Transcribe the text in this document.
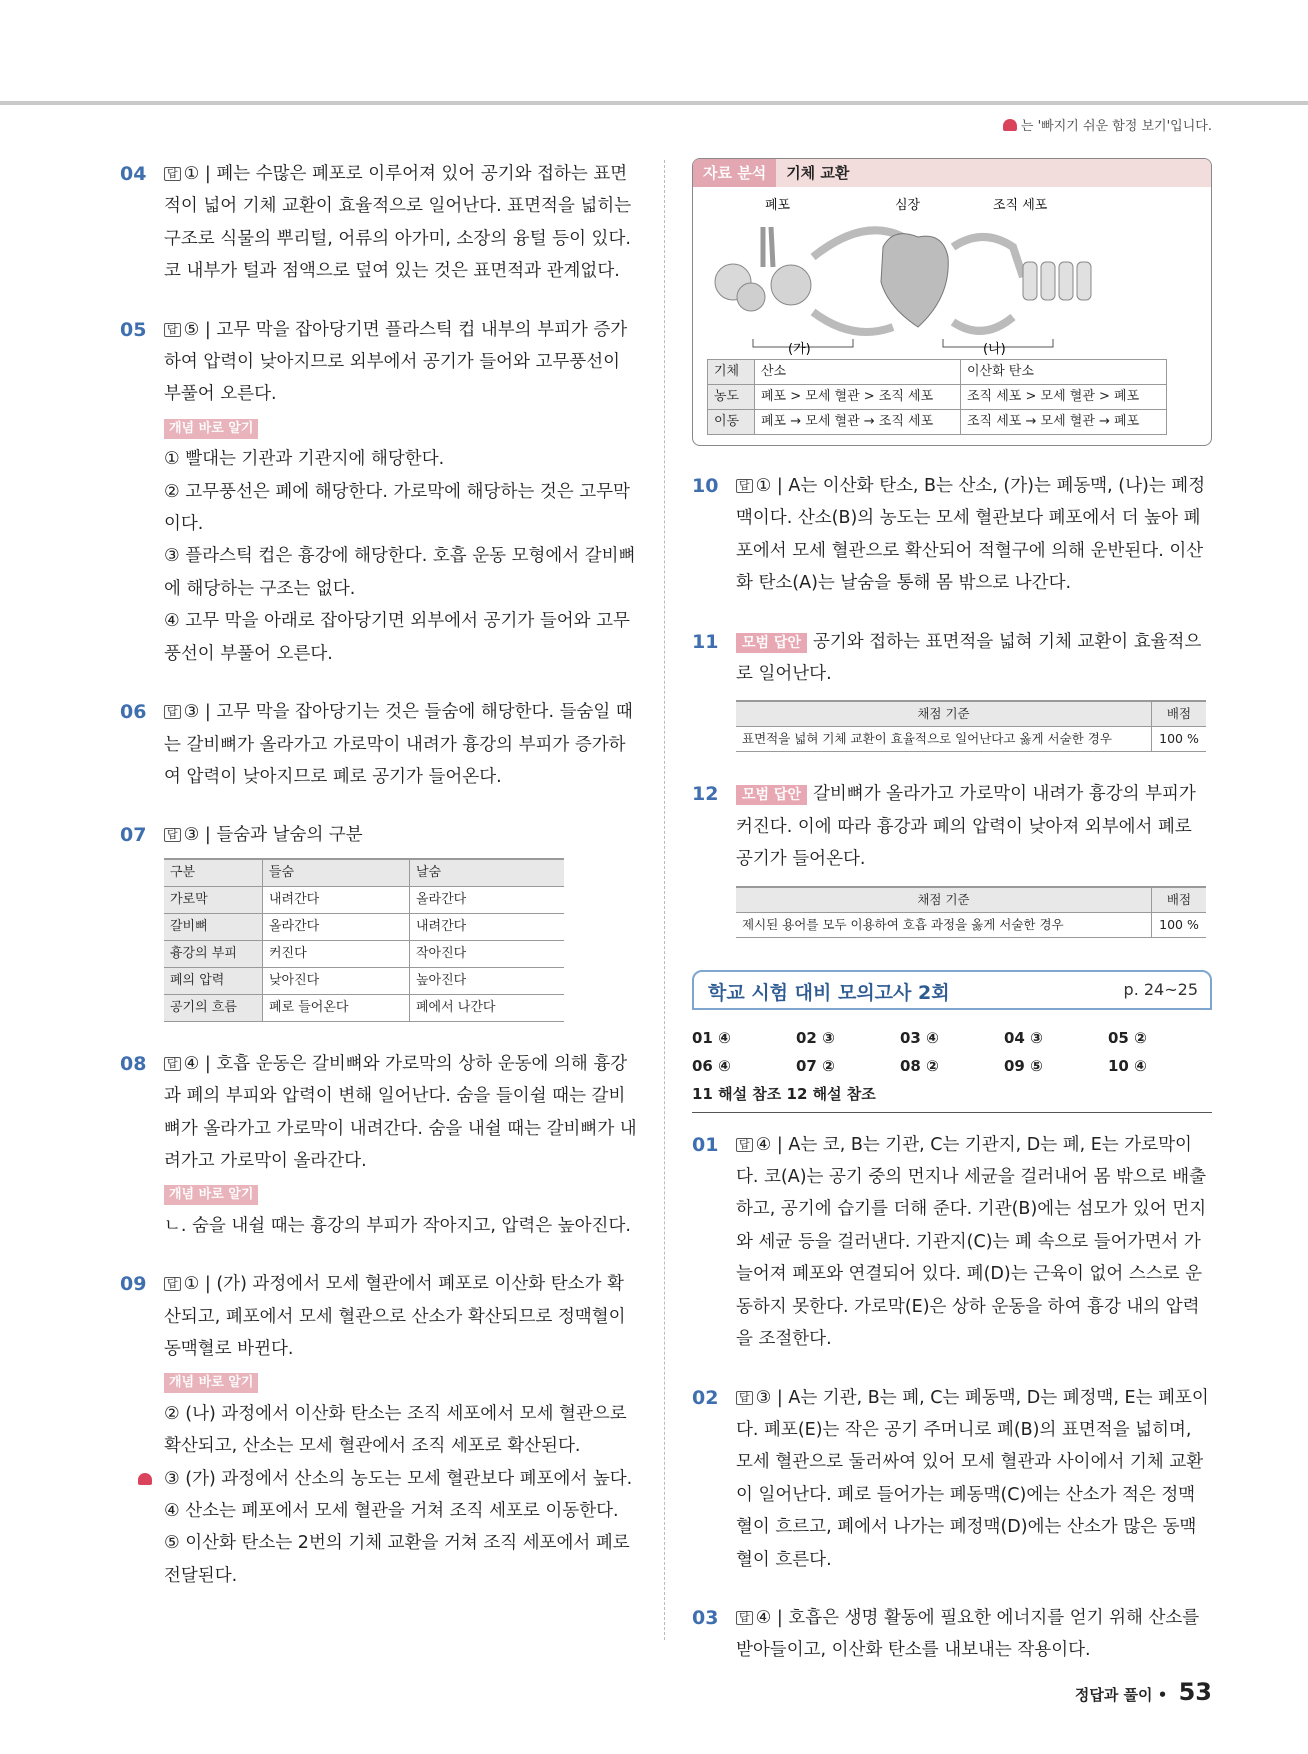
는 '빠지기 쉬운 함정 보기'입니다.
04 답 ① | 폐는 수많은 폐포로 이루어져 있어 공기와 접하는 표면적이 넓어 기체 교환이 효율적으로 일어난다. 표면적을 넓히는 구조로 식물의 뿌리털, 어류의 아가미, 소장의 융털 등이 있다. 코 내부가 털과 점액으로 덮여 있는 것은 표면적과 관계없다.
05 답 ⑤ | 고무 막을 잡아당기면 플라스틱 컵 내부의 부피가 증가하여 압력이 낮아지므로 외부에서 공기가 들어와 고무풍선이 부풀어 오른다.
개념 바로 알기

① 빨대는 기관과 기관지에 해당한다.
② 고무풍선은 폐에 해당한다. 가로막에 해당하는 것은 고무막이다.
③ 플라스틱 컵은 흉강에 해당한다. 호흡 운동 모형에서 갈비뼈에 해당하는 구조는 없다.
④ 고무 막을 아래로 잡아당기면 외부에서 공기가 들어와 고무풍선이 부풀어 오른다.
06 답 ③ | 고무 막을 잡아당기는 것은 들숨에 해당한다. 들숨일 때는 갈비뼈가 올라가고 가로막이 내려가 흉강의 부피가 증가하여 압력이 낮아지므로 폐로 공기가 들어온다.
07 답 ③ | 들숨과 날숨의 구분
구분	들숨	날숨
가로막	내려간다	올라간다
갈비뼈	올라간다	내려간다
흉강의 부피	커진다	작아진다
폐의 압력	낮아진다	높아진다
공기의 흐름	폐로 들어온다	폐에서 나간다
08 답 ④ | 호흡 운동은 갈비뼈와 가로막의 상하 운동에 의해 흉강과 폐의 부피와 압력이 변해 일어난다. 숨을 들이쉴 때는 갈비뼈가 올라가고 가로막이 내려간다. 숨을 내쉴 때는 갈비뼈가 내려가고 가로막이 올라간다.
개념 바로 알기

ㄴ. 숨을 내쉴 때는 흉강의 부피가 작아지고, 압력은 높아진다.
09 답 ① | (가) 과정에서 모세 혈관에서 폐포로 이산화 탄소가 확산되고, 폐포에서 모세 혈관으로 산소가 확산되므로 정맥혈이 동맥혈로 바뀐다.
개념 바로 알기

② (나) 과정에서 이산화 탄소는 조직 세포에서 모세 혈관으로 확산되고, 산소는 모세 혈관에서 조직 세포로 확산된다.
③ (가) 과정에서 산소의 농도는 모세 혈관보다 폐포에서 높다.
④ 산소는 폐포에서 모세 혈관을 거쳐 조직 세포로 이동한다.
⑤ 이산화 탄소는 2번의 기체 교환을 거쳐 조직 세포에서 폐로 전달된다.
자료 분석 기체 교환
폐포	심장	조직 세포
(가)	(나)
기체	산소	이산화 탄소
농도	폐포 > 모세 혈관 > 조직 세포	조직 세포 > 모세 혈관 > 폐포
이동	폐포 → 모세 혈관 → 조직 세포	조직 세포 → 모세 혈관 → 폐포
10 답 ① | A는 이산화 탄소, B는 산소, (가)는 폐동맥, (나)는 폐정맥이다. 산소(B)의 농도는 모세 혈관보다 폐포에서 더 높아 폐포에서 모세 혈관으로 확산되어 적혈구에 의해 운반된다. 이산화 탄소(A)는 날숨을 통해 몸 밖으로 나간다.
11 모범 답안 공기와 접하는 표면적을 넓혀 기체 교환이 효율적으로 일어난다.
채점 기준	배점
표면적을 넓혀 기체 교환이 효율적으로 일어난다고 옳게 서술한 경우	100 %
12 모범 답안 갈비뼈가 올라가고 가로막이 내려가 흉강의 부피가 커진다. 이에 따라 흉강과 폐의 압력이 낮아져 외부에서 폐로 공기가 들어온다.
채점 기준	배점
제시된 용어를 모두 이용하여 호흡 과정을 옳게 서술한 경우	100 %
학교 시험 대비 모의고사 2회	p. 24~25
01 ④	02 ③	03 ④	04 ③	05 ②
06 ④	07 ②	08 ②	09 ⑤	10 ④
11 해설 참조 12 해설 참조
01 답 ④ | A는 코, B는 기관, C는 기관지, D는 폐, E는 가로막이다. 코(A)는 공기 중의 먼지나 세균을 걸러내어 몸 밖으로 배출하고, 공기에 습기를 더해 준다. 기관(B)에는 섬모가 있어 먼지와 세균 등을 걸러낸다. 기관지(C)는 폐 속으로 들어가면서 가늘어져 폐포와 연결되어 있다. 폐(D)는 근육이 없어 스스로 운동하지 못한다. 가로막(E)은 상하 운동을 하여 흉강 내의 압력을 조절한다.
02 답 ③ | A는 기관, B는 폐, C는 폐동맥, D는 폐정맥, E는 폐포이다. 폐포(E)는 작은 공기 주머니로 폐(B)의 표면적을 넓히며, 모세 혈관으로 둘러싸여 있어 모세 혈관과 사이에서 기체 교환이 일어난다. 폐로 들어가는 폐동맥(C)에는 산소가 적은 정맥혈이 흐르고, 폐에서 나가는 폐정맥(D)에는 산소가 많은 동맥혈이 흐른다.
03 답 ④ | 호흡은 생명 활동에 필요한 에너지를 얻기 위해 산소를 받아들이고, 이산화 탄소를 내보내는 작용이다.
정답과 풀이 • 53
